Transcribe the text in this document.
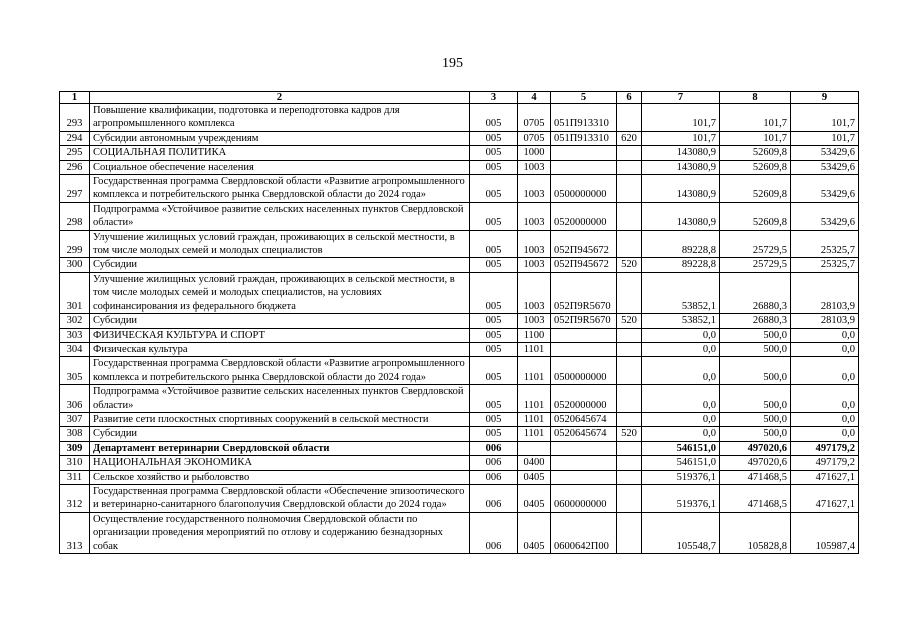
195
1	2	3	4	5	6	7	8	9
293	Повышение квалификации, подготовка и переподготовка кадров для агропромышленного комплекса	005	0705	051П913310		101,7	101,7	101,7
294	Субсидии автономным учреждениям	005	0705	051П913310	620	101,7	101,7	101,7
295	СОЦИАЛЬНАЯ ПОЛИТИКА	005	1000			143080,9	52609,8	53429,6
296	Социальное обеспечение населения	005	1003			143080,9	52609,8	53429,6
297	Государственная программа Свердловской области «Развитие агропромышленного комплекса и потребительского рынка Свердловской области до 2024 года»	005	1003	0500000000		143080,9	52609,8	53429,6
298	Подпрограмма «Устойчивое развитие сельских населенных пунктов Свердловской области»	005	1003	0520000000		143080,9	52609,8	53429,6
299	Улучшение жилищных условий граждан, проживающих в сельской местности, в том числе молодых семей и молодых специалистов	005	1003	052П945672		89228,8	25729,5	25325,7
300	Субсидии	005	1003	052П945672	520	89228,8	25729,5	25325,7
301	Улучшение жилищных условий граждан, проживающих в сельской местности, в том числе молодых семей и молодых специалистов, на условиях софинансирования из федерального бюджета	005	1003	052П9R5670		53852,1	26880,3	28103,9
302	Субсидии	005	1003	052П9R5670	520	53852,1	26880,3	28103,9
303	ФИЗИЧЕСКАЯ КУЛЬТУРА И СПОРТ	005	1100			0,0	500,0	0,0
304	Физическая культура	005	1101			0,0	500,0	0,0
305	Государственная программа Свердловской области «Развитие агропромышленного комплекса и потребительского рынка Свердловской области до 2024 года»	005	1101	0500000000		0,0	500,0	0,0
306	Подпрограмма «Устойчивое развитие сельских населенных пунктов Свердловской области»	005	1101	0520000000		0,0	500,0	0,0
307	Развитие сети плоскостных спортивных сооружений в сельской местности	005	1101	0520645674		0,0	500,0	0,0
308	Субсидии	005	1101	0520645674	520	0,0	500,0	0,0
309	Департамент ветеринарии Свердловской области	006				546151,0	497020,6	497179,2
310	НАЦИОНАЛЬНАЯ ЭКОНОМИКА	006	0400			546151,0	497020,6	497179,2
311	Сельское хозяйство и рыболовство	006	0405			519376,1	471468,5	471627,1
312	Государственная программа Свердловской области «Обеспечение эпизоотического и ветеринарно-санитарного благополучия Свердловской области до 2024 года»	006	0405	0600000000		519376,1	471468,5	471627,1
313	Осуществление государственного полномочия Свердловской области по организации проведения мероприятий по отлову и содержанию безнадзорных собак	006	0405	0600642П00		105548,7	105828,8	105987,4
